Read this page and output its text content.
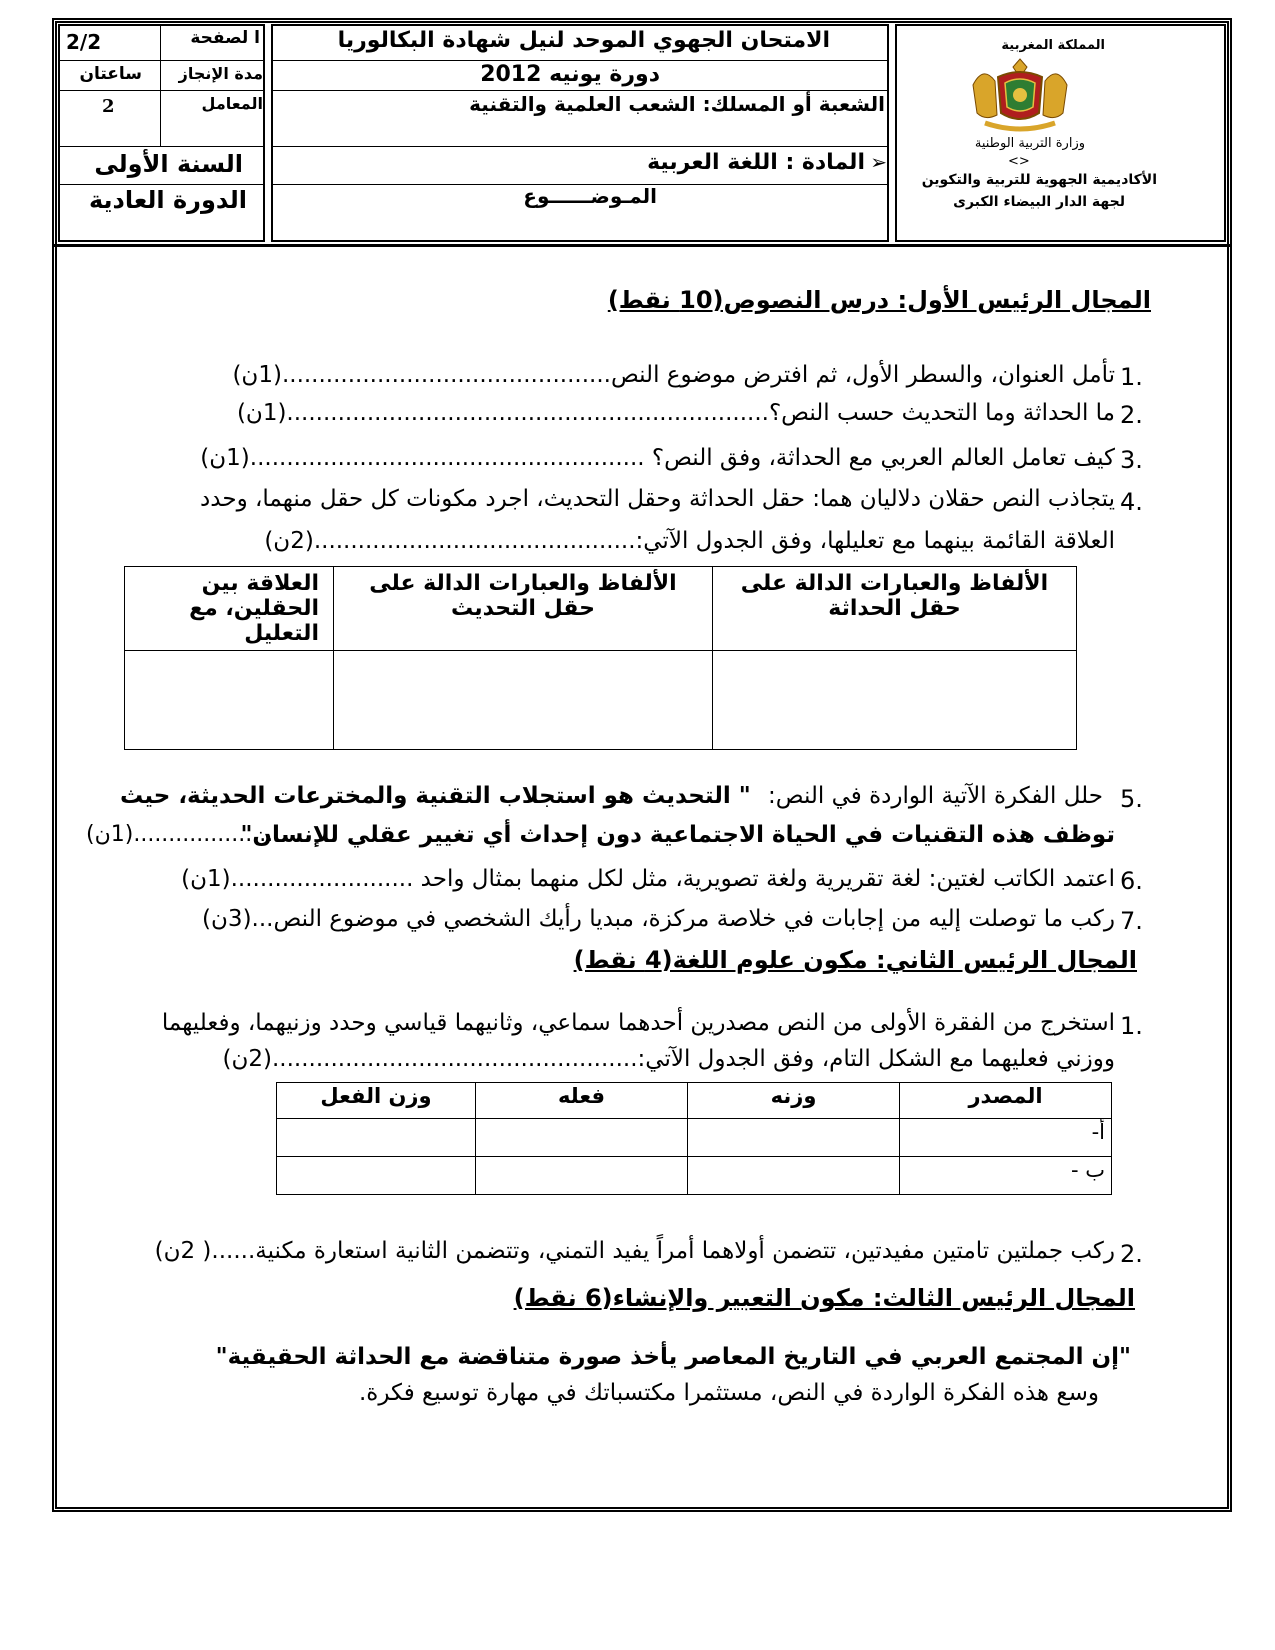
ا لصفحة
2/2
مدة الإنجاز
ساعتان
المعامل
2
السنة الأولى
الدورة العادية
الامتحان الجهوي الموحد لنيل شهادة البكالوريا
دورة يونيه 2012
الشعبة أو المسلك: الشعب العلمية والتقنية
➢
المادة : اللغة العربية
المـوضــــــوع
المملكة المغربية
وزارة التربية الوطنية
<>
الأكاديمية الجهوية للتربية والتكوين
لجهة الدار البيضاء الكبرى
المجال الرئيس الأول: درس النصوص(10 نقط)
1.
تأمل العنوان، والسطر الأول، ثم افترض موضوع النص.............................................(1ن)
2.
ما الحداثة وما التحديث حسب النص؟..................................................................(1ن)
3.
كيف تعامل العالم العربي مع الحداثة، وفق النص؟ ......................................................(1ن)
4.
يتجاذب النص حقلان دلاليان هما: حقل الحداثة وحقل التحديث، اجرد مكونات كل حقل منهما، وحدد
العلاقة القائمة بينهما مع تعليلها، وفق الجدول الآتي:............................................(2ن)
الألفاظ والعبارات الدالة على حقل الحداثة	الألفاظ والعبارات الدالة على حقل التحديث	العلاقة بين الحقلين، مع التعليل

5.
حلل الفكرة الآتية الواردة في النص:
" التحديث هو استجلاب التقنية والمخترعات الحديثة، حيث
توظف هذه التقنيات في الحياة الاجتماعية دون إحداث أي تغيير عقلي للإنسان"
......................(1ن)
6.
اعتمد الكاتب لغتين: لغة تقريرية ولغة تصويرية، مثل لكل منهما بمثال واحد .........................(1ن)
7.
ركب ما توصلت إليه من إجابات في خلاصة مركزة، مبديا رأيك الشخصي في موضوع النص...(3ن)
المجال الرئيس الثاني: مكون علوم اللغة(4 نقط)
1.
استخرج من الفقرة الأولى من النص مصدرين أحدهما سماعي، وثانيهما قياسي وحدد وزنيهما، وفعليهما
ووزني فعليهما مع الشكل التام، وفق الجدول الآتي:..................................................(2ن)
المصدر	وزنه	فعله	وزن الفعل
أ-			
ب -			
2.
ركب جملتين تامتين مفيدتين، تتضمن أولاهما أمراً يفيد التمني، وتتضمن الثانية استعارة مكنية......( 2ن)
المجال الرئيس الثالث: مكون التعبير والإنشاء(6 نقط)
"إن المجتمع العربي في التاريخ المعاصر يأخذ صورة متناقضة مع الحداثة الحقيقية"
وسع هذه الفكرة الواردة في النص، مستثمرا مكتسباتك في مهارة توسيع فكرة.
